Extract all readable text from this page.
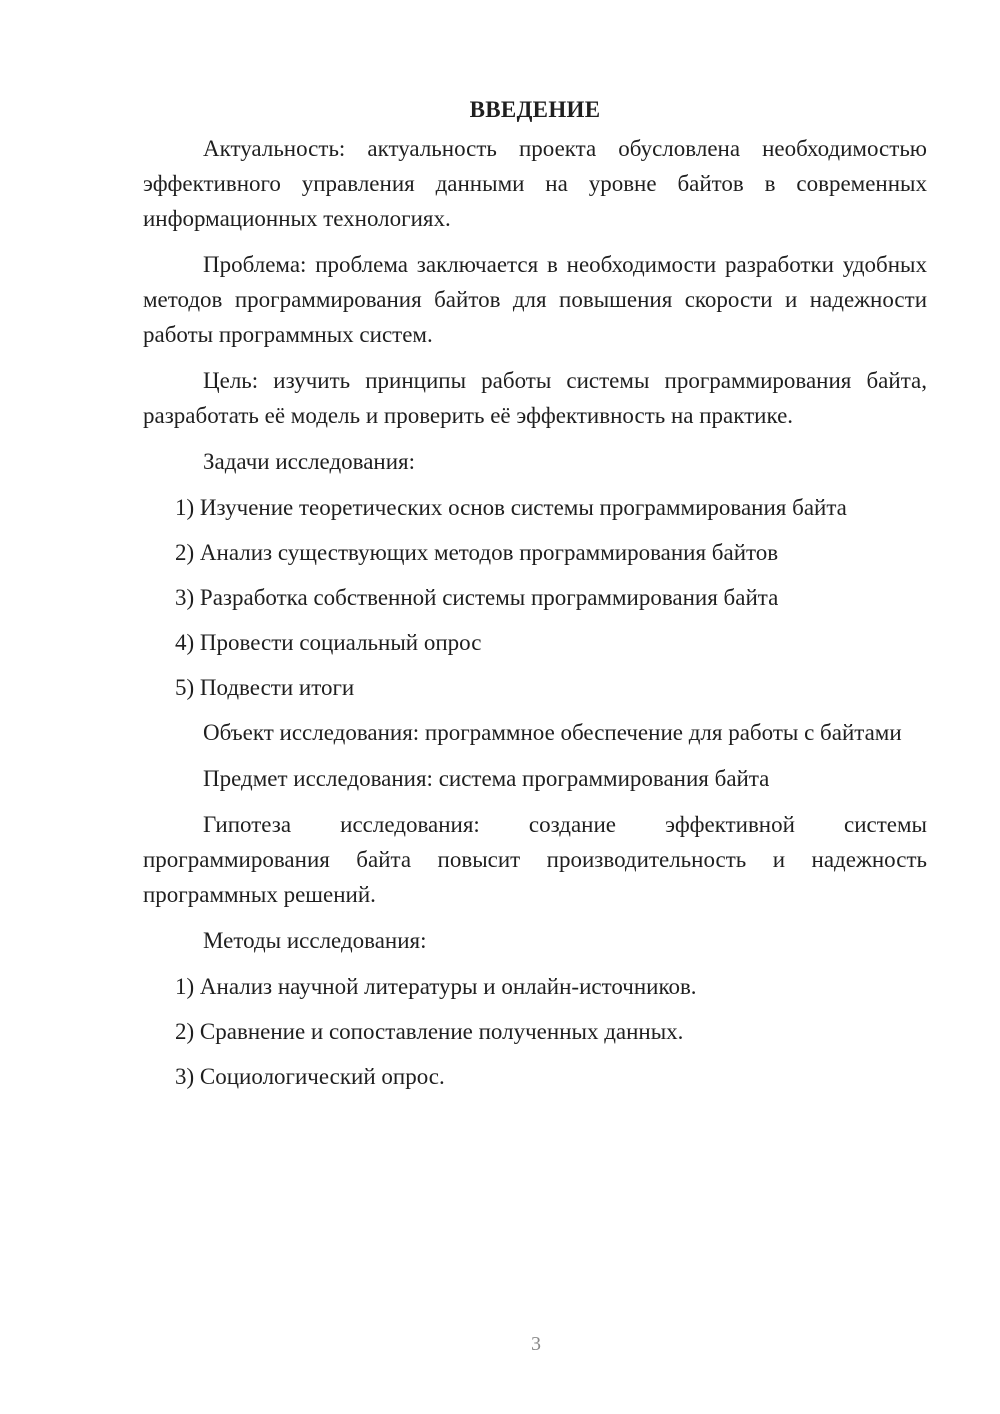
ВВЕДЕНИЕ

Актуальность: актуальность проекта обусловлена необходимостью эффективного управления данными на уровне байтов в современных информационных технологиях.

Проблема: проблема заключается в необходимости разработки удобных методов программирования байтов для повышения скорости и надежности работы программных систем.

Цель: изучить принципы работы системы программирования байта, разработать её модель и проверить её эффективность на практике.

Задачи исследования:

1) Изучение теоретических основ системы программирования байта

2) Анализ существующих методов программирования байтов

3) Разработка собственной системы программирования байта

4) Провести социальный опрос

5) Подвести итоги

Объект исследования: программное обеспечение для работы с байтами

Предмет исследования: система программирования байта

Гипотеза исследования: создание эффективной системы программирования байта повысит производительность и надежность программных решений.

Методы исследования:

1) Анализ научной литературы и онлайн-источников.

2) Сравнение и сопоставление полученных данных.

3) Социологический опрос.

3
